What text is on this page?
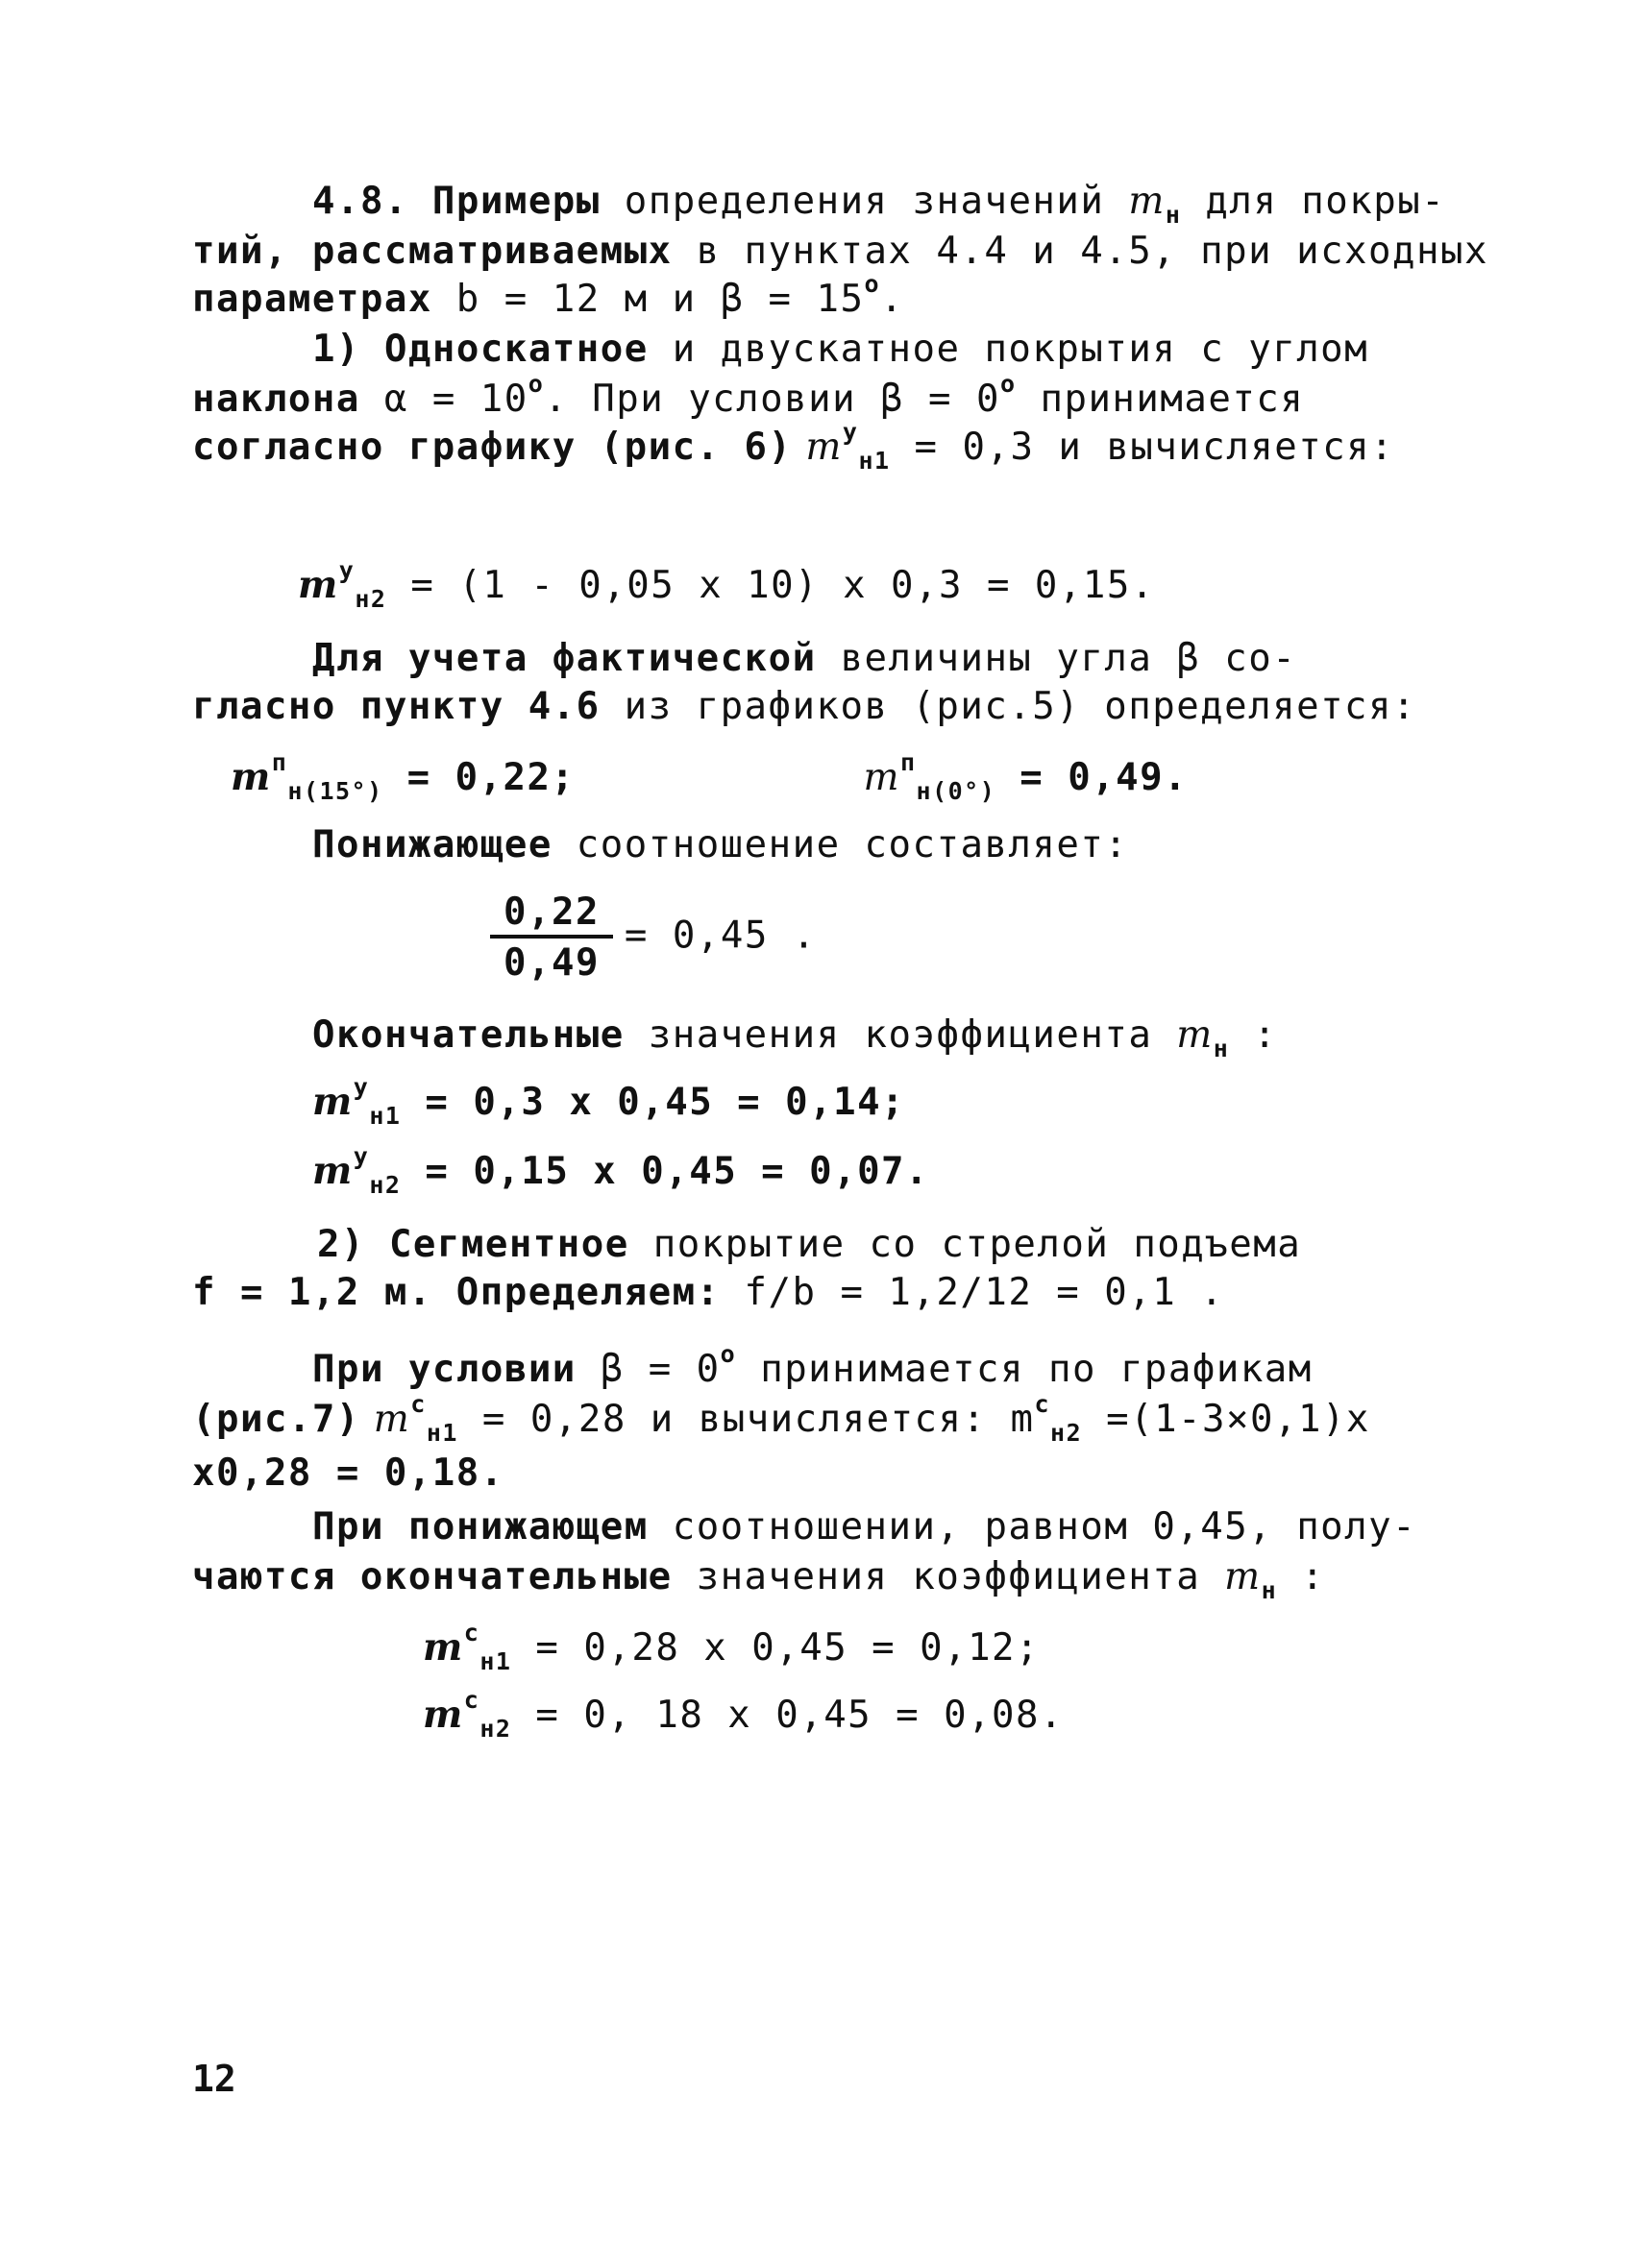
4.8. Примеры определения значений $m_н$ для покры-
тий, рассматриваемых в пунктах 4.4 и 4.5, при исходных
параметрах b = 12 м и $\beta = 15^о$.
1) Односкатное и двускатное покрытия с углом
наклона $\alpha = 10^о$. При условии $\beta = 0^о$ принимается
согласно графику (рис. 6) $m^у_{н1} = 0,3$ и вычисляется:
$m^у_{н2} = (1 - 0,05$ x 10) x 0,3 = 0,15.
Для учета фактической величины угла β со-
гласно пункту 4.6 из графиков (рис.5) определяется:
$m^п_{н(15^\circ)} = 0,22$;	$m^п_{н(0^\circ)} = 0,49$.
Понижающее соотношение составляет:
$\frac{0,22}{0,49} = 0,45$ .
Окончательные значения коэффициента $m_н$ :
$m^у_{н1} = 0,3$ x 0,45 = 0,14;
$m^у_{н2} = 0,15$ x 0,45 = 0,07.
2) Сегментное покрытие со стрелой подъема
f = 1,2 м. Определяем: f/b = 1,2/12 = 0,1 .
При условии $\beta = 0^о$ принимается по графикам
(рис.7) $m^с_{н1} = 0,28$ и вычисляется: $m^с_{н2} =(1-3\times 0,1)x$
x0,28 = 0,18.
При понижающем соотношении, равном 0,45, полу-
чаются окончательные значения коэффициента $m_н$ :
$m^с_{н1} = 0,28$ x 0,45 = 0,12;
$m^с_{н2} = 0$, 18 x 0,45 = 0,08.
12
